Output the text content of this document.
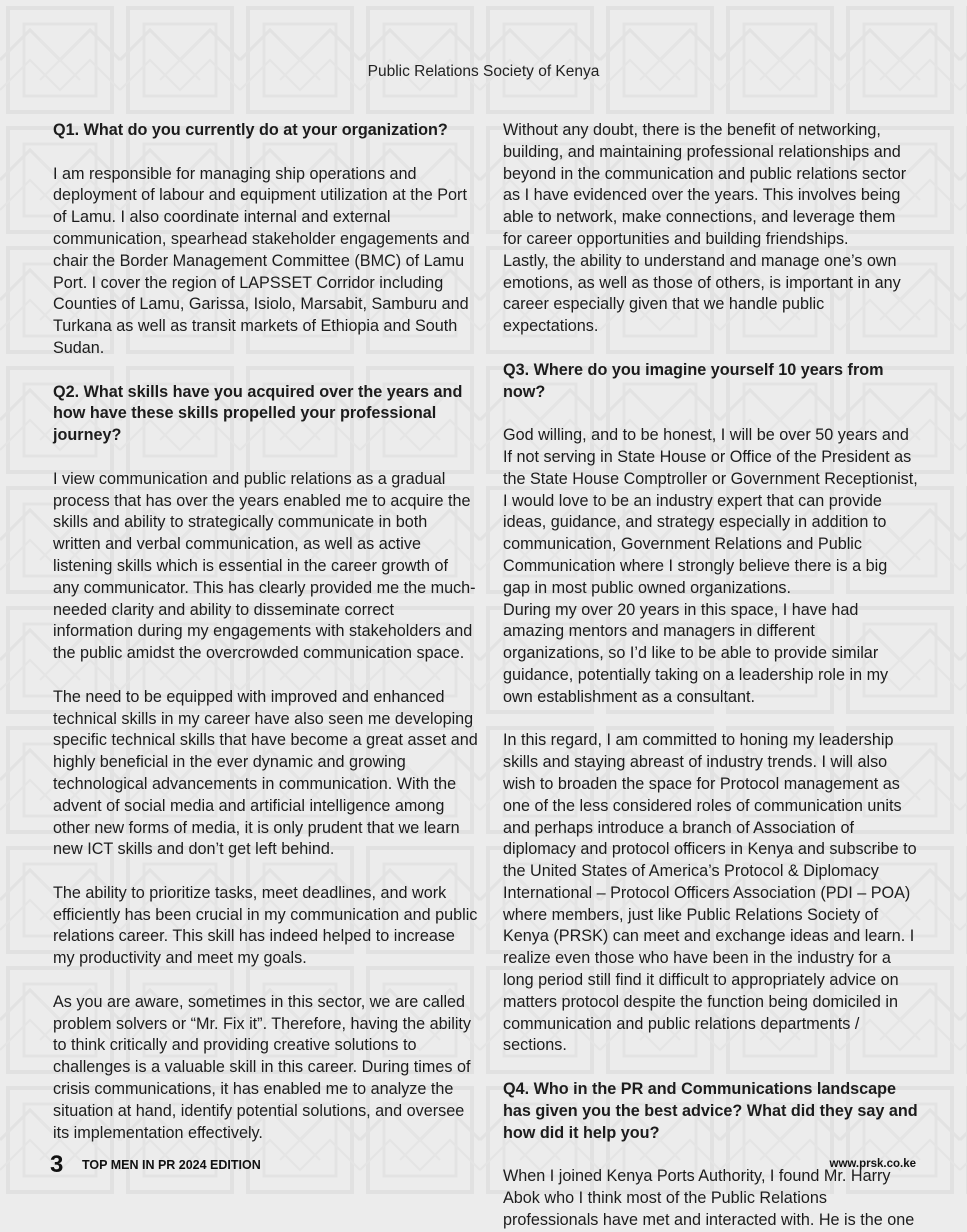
Public Relations Society of Kenya
Q1. What do you currently do at your organization?

I am responsible for managing ship operations and deployment of labour and equipment utilization at the Port of Lamu. I also coordinate internal and external communication, spearhead stakeholder engagements and chair the Border Management Committee (BMC) of Lamu Port. I cover the region of LAPSSET Corridor including Counties of Lamu, Garissa, Isiolo, Marsabit, Samburu and Turkana as well as transit markets of Ethiopia and South Sudan.

Q2. What skills have you acquired over the years and how have these skills propelled your professional journey?

I view communication and public relations as a gradual process that has over the years enabled me to acquire the skills and ability to strategically communicate in both written and verbal communication, as well as active listening skills which is essential in the career growth of any communicator. This has clearly provided me the much-needed clarity and ability to disseminate correct information during my engagements with stakeholders and the public amidst the overcrowded communication space.

The need to be equipped with improved and enhanced technical skills in my career have also seen me developing specific technical skills that have become a great asset and highly beneficial in the ever dynamic and growing technological advancements in communication. With the advent of social media and artificial intelligence among other new forms of media, it is only prudent that we learn new ICT skills and don’t get left behind.

The ability to prioritize tasks, meet deadlines, and work efficiently has been crucial in my communication and public relations career. This skill has indeed helped to increase my productivity and meet my goals.

As you are aware, sometimes in this sector, we are called problem solvers or “Mr. Fix it”. Therefore, having the ability to think critically and providing creative solutions to challenges is a valuable skill in this career. During times of crisis communications, it has enabled me to analyze the situation at hand, identify potential solutions, and oversee its implementation effectively.

Without any doubt, there is the benefit of networking, building, and maintaining professional relationships and beyond in the communication and public relations sector as I have evidenced over the years. This involves being able to network, make connections, and leverage them for career opportunities and building friendships.

Lastly, the ability to understand and manage one’s own emotions, as well as those of others, is important in any career especially given that we handle public expectations.

Q3. Where do you imagine yourself 10 years from now?

God willing, and to be honest, I will be over 50 years and If not serving in State House or Office of the President as the State House Comptroller or Government Receptionist, I would love to be an industry expert that can provide ideas, guidance, and strategy especially in addition to communication, Government Relations and Public Communication where I strongly believe there is a big gap in most public owned organizations.

During my over 20 years in this space, I have had amazing mentors and managers in different organizations, so I’d like to be able to provide similar guidance, potentially taking on a leadership role in my own establishment as a consultant.

In this regard, I am committed to honing my leadership skills and staying abreast of industry trends. I will also wish to broaden the space for Protocol management as one of the less considered roles of communication units and perhaps introduce a branch of Association of diplomacy and protocol officers in Kenya and subscribe to the United States of America’s Protocol & Diplomacy International – Protocol Officers Association (PDI – POA) where members, just like Public Relations Society of Kenya (PRSK) can meet and exchange ideas and learn. I realize even those who have been in the industry for a long period still find it difficult to appropriately advice on matters protocol despite the function being domiciled in communication and public relations departments / sections.

Q4. Who in the PR and Communications landscape has given you the best advice? What did they say and how did it help you?

When I joined Kenya Ports Authority, I found Mr. Harry Abok who I think most of the Public Relations professionals have met and interacted with. He is the one

3 TOP MEN IN PR 2024 EDITION	www.prsk.co.ke
